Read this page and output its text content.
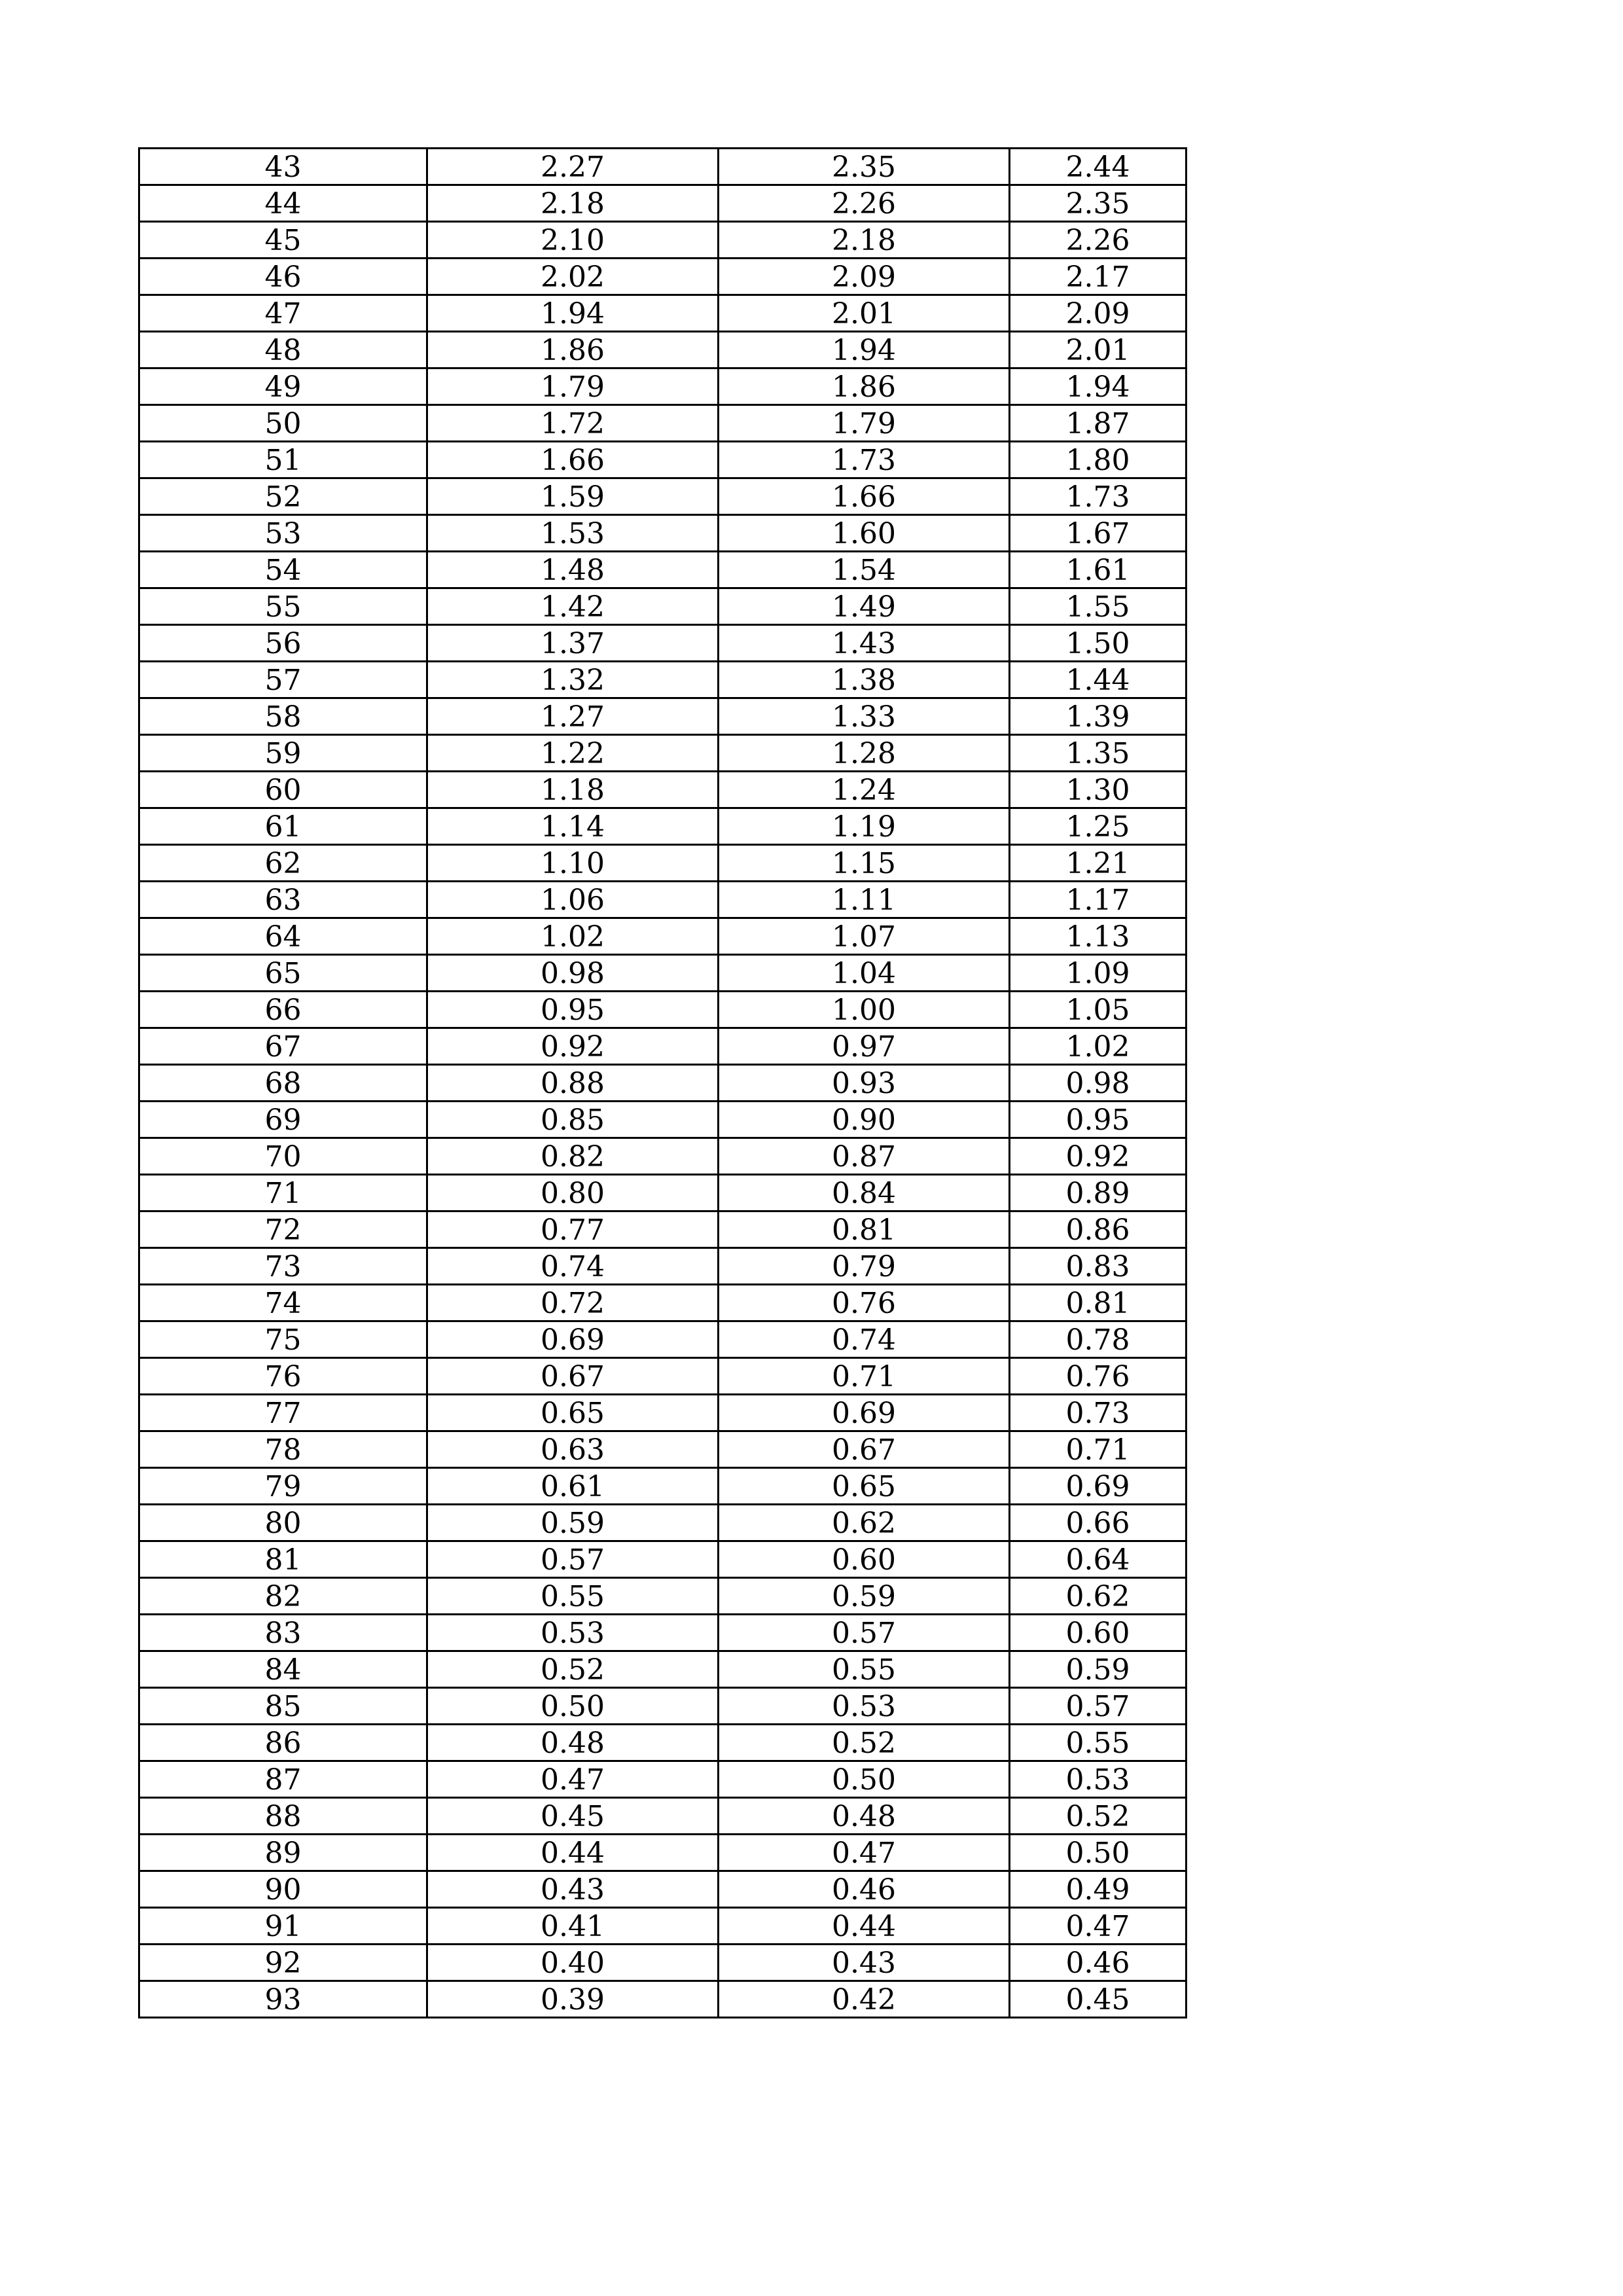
43	2.27	2.35	2.44
44	2.18	2.26	2.35
45	2.10	2.18	2.26
46	2.02	2.09	2.17
47	1.94	2.01	2.09
48	1.86	1.94	2.01
49	1.79	1.86	1.94
50	1.72	1.79	1.87
51	1.66	1.73	1.80
52	1.59	1.66	1.73
53	1.53	1.60	1.67
54	1.48	1.54	1.61
55	1.42	1.49	1.55
56	1.37	1.43	1.50
57	1.32	1.38	1.44
58	1.27	1.33	1.39
59	1.22	1.28	1.35
60	1.18	1.24	1.30
61	1.14	1.19	1.25
62	1.10	1.15	1.21
63	1.06	1.11	1.17
64	1.02	1.07	1.13
65	0.98	1.04	1.09
66	0.95	1.00	1.05
67	0.92	0.97	1.02
68	0.88	0.93	0.98
69	0.85	0.90	0.95
70	0.82	0.87	0.92
71	0.80	0.84	0.89
72	0.77	0.81	0.86
73	0.74	0.79	0.83
74	0.72	0.76	0.81
75	0.69	0.74	0.78
76	0.67	0.71	0.76
77	0.65	0.69	0.73
78	0.63	0.67	0.71
79	0.61	0.65	0.69
80	0.59	0.62	0.66
81	0.57	0.60	0.64
82	0.55	0.59	0.62
83	0.53	0.57	0.60
84	0.52	0.55	0.59
85	0.50	0.53	0.57
86	0.48	0.52	0.55
87	0.47	0.50	0.53
88	0.45	0.48	0.52
89	0.44	0.47	0.50
90	0.43	0.46	0.49
91	0.41	0.44	0.47
92	0.40	0.43	0.46
93	0.39	0.42	0.45
